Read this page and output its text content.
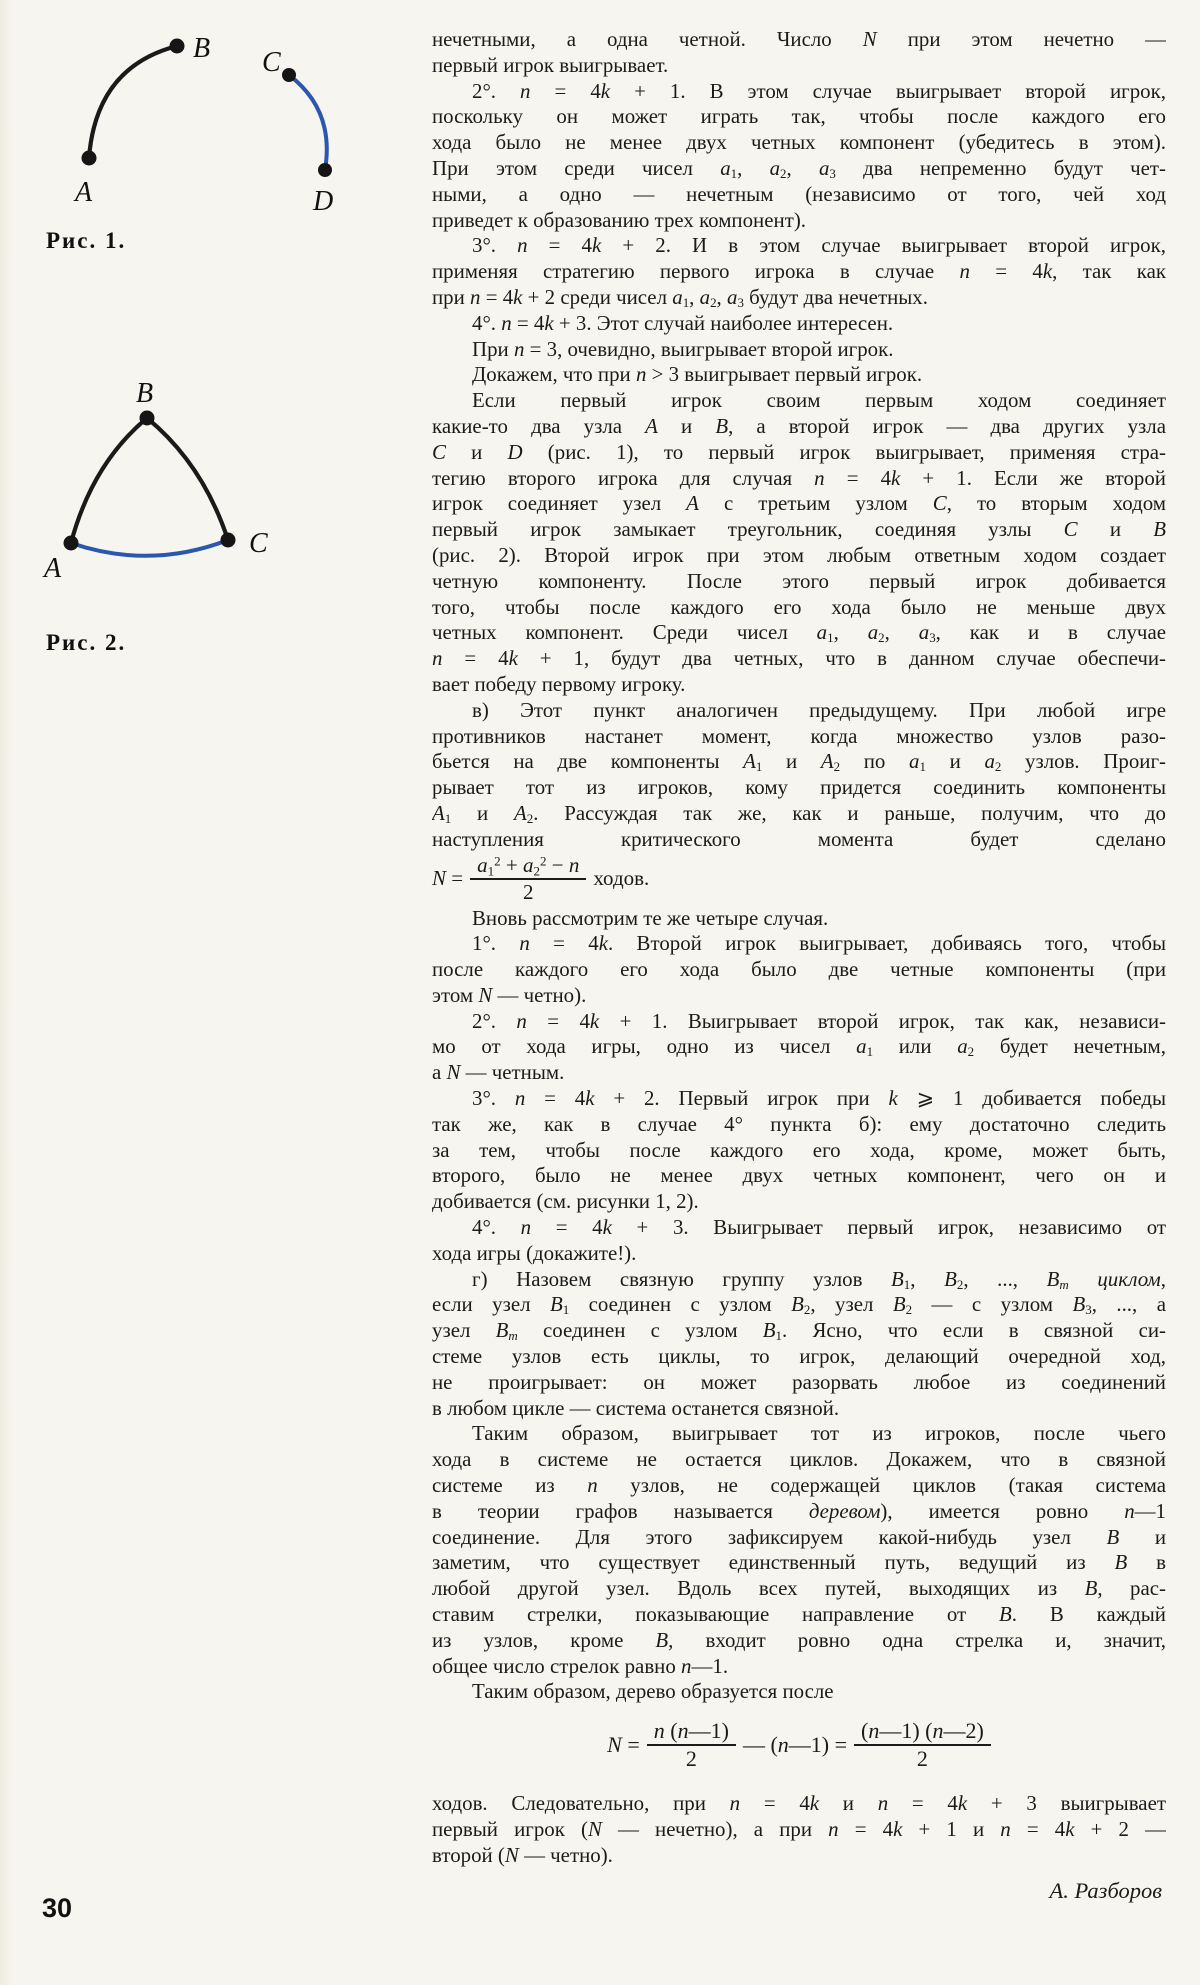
A
B C
D
Рис. 1.
A
B
C
Рис. 2.
нечетными, а одна четной. Число N при этом нечетно —
первый игрок выигрывает.
2°. n = 4k + 1. В этом случае выигрывает второй игрок,
поскольку он может играть так, чтобы после каждого его
хода было не менее двух четных компонент (убедитесь в этом).
При этом среди чисел $a_1$, $a_2$, $a_3$ два непременно будут чет-
ными, а одно — нечетным (независимо от того, чей ход
приведет к образованию трех компонент).
3°. n = 4k + 2. И в этом случае выигрывает второй игрок,
применяя стратегию первого игрока в случае n = 4k, так как
при n = 4k + 2 среди чисел $a_1$, $a_2$, $a_3$ будут два нечетных.
4°. n = 4k + 3. Этот случай наиболее интересен.
При n = 3, очевидно, выигрывает второй игрок.
Докажем, что при n > 3 выигрывает первый игрок.
Если первый игрок своим первым ходом соединяет
какие-то два узла A и B, а второй игрок — два других узла
C и D (рис. 1), то первый игрок выигрывает, применяя стра-
тегию второго игрока для случая n = 4k + 1. Если же второй
игрок соединяет узел A с третьим узлом C, то вторым ходом
первый игрок замыкает треугольник, соединяя узлы C и B
(рис. 2). Второй игрок при этом любым ответным ходом создает
четную компоненту. После этого первый игрок добивается
того, чтобы после каждого его хода было не меньше двух
четных компонент. Среди чисел $a_1$, $a_2$, $a_3$, как и в случае
n = 4k + 1, будут два четных, что в данном случае обеспечи-
вает победу первому игроку.
в) Этот пункт аналогичен предыдущему. При любой игре
противников настанет момент, когда множество узлов разо-
бьется на две компоненты $A_1$ и $A_2$ по $a_1$ и $a_2$ узлов. Проиг-
рывает тот из игроков, кому придется соединить компоненты
$A_1$ и $A_2$. Рассуждая так же, как и раньше, получим, что до
наступления критического момента будет сделано
$N = \frac{a_1^2 + a_2^2 - n}{2}$ ходов.
Вновь рассмотрим те же четыре случая.
1°. n = 4k. Второй игрок выигрывает, добиваясь того, чтобы
после каждого его хода было две четные компоненты (при
этом N — четно).
2°. n = 4k + 1. Выигрывает второй игрок, так как, независи-
мо от хода игры, одно из чисел $a_1$ или $a_2$ будет нечетным,
а N — четным.
3°. n = 4k + 2. Первый игрок при k ⩾ 1 добивается победы
так же, как в случае 4° пункта б): ему достаточно следить
за тем, чтобы после каждого его хода, кроме, может быть,
второго, было не менее двух четных компонент, чего он и
добивается (см. рисунки 1, 2).
4°. n = 4k + 3. Выигрывает первый игрок, независимо от
хода игры (докажите!).
г) Назовем связную группу узлов $B_1$, $B_2$, ..., $B_m$ циклом,
если узел $B_1$ соединен с узлом $B_2$, узел $B_2$ — с узлом $B_3$, ..., а
узел $B_m$ соединен с узлом $B_1$. Ясно, что если в связной си-
стеме узлов есть циклы, то игрок, делающий очередной ход,
не проигрывает: он может разорвать любое из соединений
в любом цикле — система останется связной.
Таким образом, выигрывает тот из игроков, после чьего
хода в системе не остается циклов. Докажем, что в связной
системе из n узлов, не содержащей циклов (такая система
в теории графов называется деревом), имеется ровно n—1
соединение. Для этого зафиксируем какой-нибудь узел B и
заметим, что существует единственный путь, ведущий из B в
любой другой узел. Вдоль всех путей, выходящих из B, рас-
ставим стрелки, показывающие направление от B. В каждый
из узлов, кроме B, входит ровно одна стрелка и, значит,
общее число стрелок равно n—1.
Таким образом, дерево образуется после
$N = \frac{n (n—1)}{2}$ — (n—1) = $\frac{(n—1) (n—2)}{2}$
ходов. Следовательно, при n = 4k и n = 4k + 3 выигрывает
первый игрок (N — нечетно), а при n = 4k + 1 и n = 4k + 2 —
второй (N — четно).
А. Разборов
30
